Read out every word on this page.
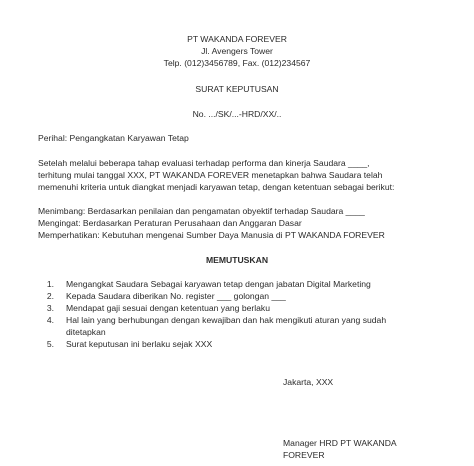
PT WAKANDA FOREVER
Jl. Avengers Tower
Telp. (012)3456789, Fax. (012)234567
SURAT KEPUTUSAN
No. .../SK/...-HRD/XX/..
Perihal: Pengangkatan Karyawan Tetap
Setelah melalui beberapa tahap evaluasi terhadap performa dan kinerja Saudara ____,
terhitung mulai tanggal XXX, PT WAKANDA FOREVER menetapkan bahwa Saudara telah
memenuhi kriteria untuk diangkat menjadi karyawan tetap, dengan ketentuan sebagai berikut:
Menimbang: Berdasarkan penilaian dan pengamatan obyektif terhadap Saudara ____
Mengingat: Berdasarkan Peraturan Perusahaan dan Anggaran Dasar
Memperhatikan: Kebutuhan mengenai Sumber Daya Manusia di PT WAKANDA FOREVER
MEMUTUSKAN
1. Mengangkat Saudara Sebagai karyawan tetap dengan jabatan Digital Marketing
2. Kepada Saudara diberikan No. register ___ golongan ___
3. Mendapat gaji sesuai dengan ketentuan yang berlaku
4. Hal lain yang berhubungan dengan kewajiban dan hak mengikuti aturan yang sudah
ditetapkan
5. Surat keputusan ini berlaku sejak XXX
Jakarta, XXX
Manager HRD PT WAKANDA
FOREVER
